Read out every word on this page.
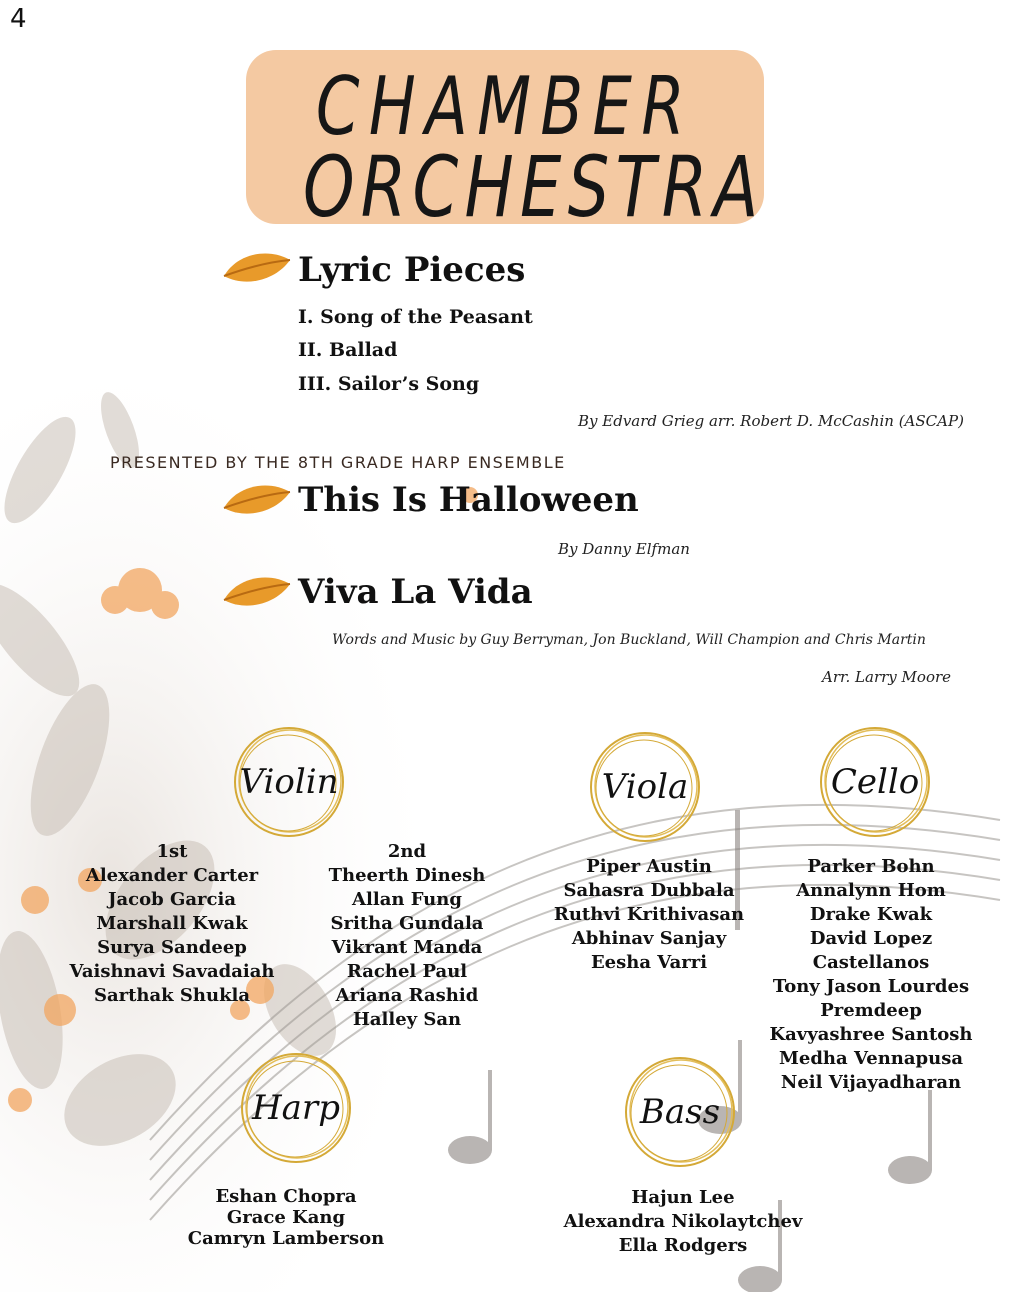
4
CHAMBER
ORCHESTRA
Lyric Pieces
I. Song of the Peasant
II. Ballad
III. Sailor’s Song
By Edvard Grieg arr. Robert D. McCashin (ASCAP)
PRESENTED BY THE 8TH GRADE HARP ENSEMBLE
This Is Halloween
By Danny Elfman
Viva La Vida
Words and Music by Guy Berryman, Jon Buckland, Will Champion and Chris Martin
Arr. Larry Moore
Violin	Viola	Cello
Harp	Bass
1st
Alexander Carter
Jacob Garcia
Marshall Kwak
Surya Sandeep
Vaishnavi Savadaiah
Sarthak Shukla
2nd
Theerth Dinesh
Allan Fung
Sritha Gundala
Vikrant Manda
Rachel Paul
Ariana Rashid
Halley San
Piper Austin
Sahasra Dubbala
Ruthvi Krithivasan
Abhinav Sanjay
Eesha Varri
Parker Bohn
Annalynn Hom
Drake Kwak
David Lopez
Castellanos
Tony Jason Lourdes
Premdeep
Kavyashree Santosh
Medha Vennapusa
Neil Vijayadharan
Eshan Chopra
Grace Kang
Camryn Lamberson
Hajun Lee
Alexandra Nikolaytchev
Ella Rodgers
